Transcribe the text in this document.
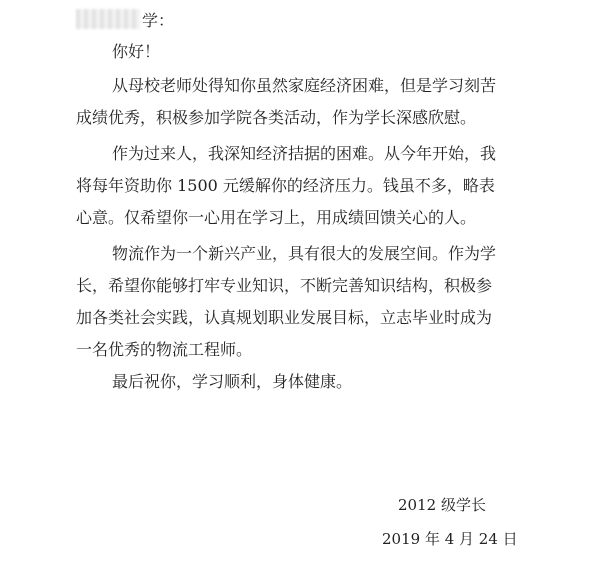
学：
你好！
从母校老师处得知你虽然家庭经济困难，但是学习刻苦
成绩优秀，积极参加学院各类活动，作为学长深感欣慰。
作为过来人，我深知经济拮据的困难。从今年开始，我
将每年资助你 1500 元缓解你的经济压力。钱虽不多，略表
心意。仅希望你一心用在学习上，用成绩回馈关心的人。
物流作为一个新兴产业，具有很大的发展空间。作为学
长，希望你能够打牢专业知识，不断完善知识结构，积极参
加各类社会实践，认真规划职业发展目标，立志毕业时成为
一名优秀的物流工程师。
最后祝你，学习顺利，身体健康。
2012 级学长
2019 年 4 月 24 日
